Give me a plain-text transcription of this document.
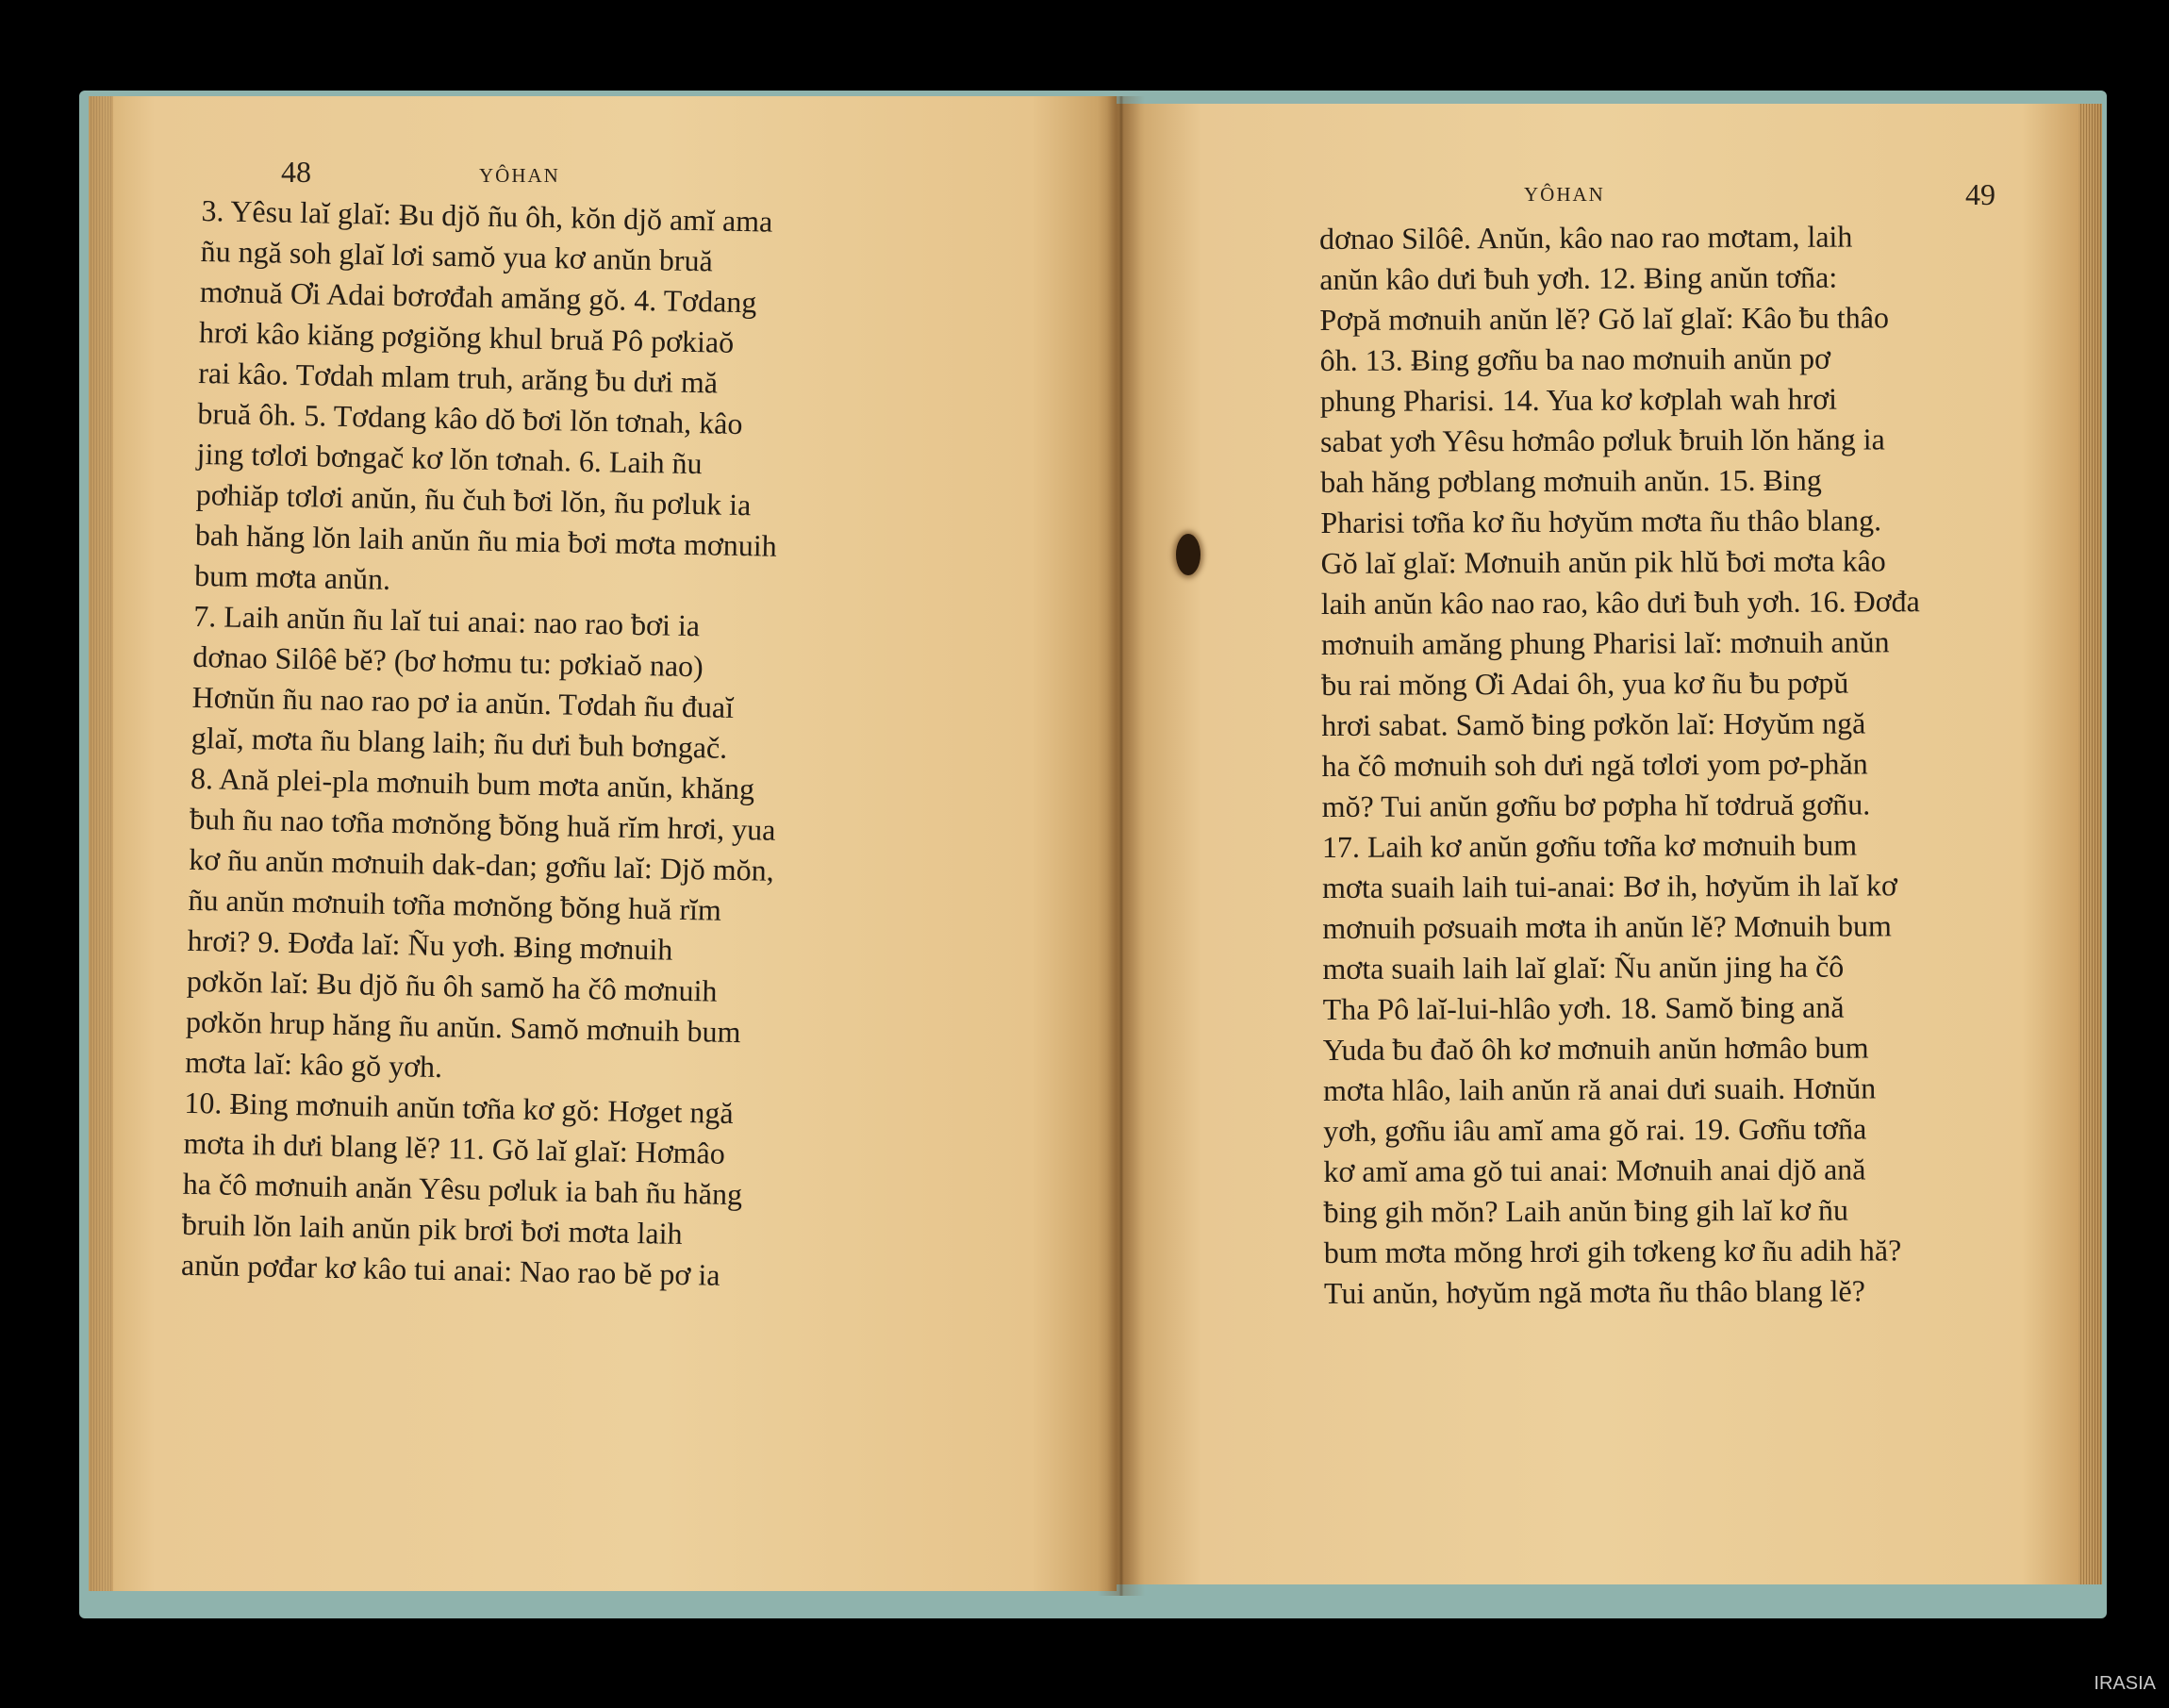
48	YÔHAN
3. Yêsu laĭ glaĭ: Ƀu djŏ ñu ôh, kŏn djŏ amĭ ama
ñu ngă soh glaĭ lơi samŏ yua kơ anŭn bruă
mơnuă Ơi Adai bơrơđah amăng gŏ. 4. Tơdang
hrơi kâo kiăng pơgiŏng khul bruă Pô pơkiaŏ
rai kâo. Tơdah mlam truh, arăng ƀu dưi mă
bruă ôh. 5. Tơdang kâo dŏ ƀơi lŏn tơnah, kâo
jing tơlơi bơngač kơ lŏn tơnah. 6. Laih ñu
pơhiăp tơlơi anŭn, ñu čuh ƀơi lŏn, ñu pơluk ia
bah hăng lŏn laih anŭn ñu mia ƀơi mơta mơnuih
bum mơta anŭn.
7. Laih anŭn ñu laĭ tui anai: nao rao ƀơi ia
dơnao Silôê bĕ? (bơ hơmu tu: pơkiaŏ nao)
Hơnŭn ñu nao rao pơ ia anŭn. Tơdah ñu đuaĭ
glaĭ, mơta ñu blang laih; ñu dưi ƀuh bơngač.
8. Ană plei-pla mơnuih bum mơta anŭn, khăng
ƀuh ñu nao tơña mơnŏng ƀŏng huă rĭm hrơi, yua
kơ ñu anŭn mơnuih dak-dan; gơñu laĭ: Djŏ mŏn,
ñu anŭn mơnuih tơña mơnŏng ƀŏng huă rĭm
hrơi? 9. Đơđa laĭ: Ñu yơh. Ƀing mơnuih
pơkŏn laĭ: Ƀu djŏ ñu ôh samŏ ha čô mơnuih
pơkŏn hrup hăng ñu anŭn. Samŏ mơnuih bum
mơta laĭ: kâo gŏ yơh.
10. Ƀing mơnuih anŭn tơña kơ gŏ: Hơget ngă
mơta ih dưi blang lĕ? 11. Gŏ laĭ glaĭ: Hơmâo
ha čô mơnuih anăn Yêsu pơluk ia bah ñu hăng
ƀruih lŏn laih anŭn pik brơi ƀơi mơta laih
anŭn pơđar kơ kâo tui anai: Nao rao bĕ pơ ia
YÔHAN	49
dơnao Silôê. Anŭn, kâo nao rao mơtam, laih
anŭn kâo dưi ƀuh yơh. 12. Ƀing anŭn tơña:
Pơpă mơnuih anŭn lĕ? Gŏ laĭ glaĭ: Kâo ƀu thâo
ôh. 13. Ƀing gơñu ba nao mơnuih anŭn pơ
phung Pharisi. 14. Yua kơ kơplah wah hrơi
sabat yơh Yêsu hơmâo pơluk ƀruih lŏn hăng ia
bah hăng pơblang mơnuih anŭn. 15. Ƀing
Pharisi tơña kơ ñu hơyŭm mơta ñu thâo blang.
Gŏ laĭ glaĭ: Mơnuih anŭn pik hlŭ ƀơi mơta kâo
laih anŭn kâo nao rao, kâo dưi ƀuh yơh. 16. Đơđa
mơnuih amăng phung Pharisi laĭ: mơnuih anŭn
ƀu rai mŏng Ơi Adai ôh, yua kơ ñu ƀu pơpŭ
hrơi sabat. Samŏ ƀing pơkŏn laĭ: Hơyŭm ngă
ha čô mơnuih soh dưi ngă tơlơi yom pơ-phăn
mŏ? Tui anŭn gơñu bơ pơpha hĭ tơdruă gơñu.
17. Laih kơ anŭn gơñu tơña kơ mơnuih bum
mơta suaih laih tui-anai: Bơ ih, hơyŭm ih laĭ kơ
mơnuih pơsuaih mơta ih anŭn lĕ? Mơnuih bum
mơta suaih laih laĭ glaĭ: Ñu anŭn jing ha čô
Tha Pô laĭ-lui-hlâo yơh. 18. Samŏ ƀing ană
Yuda ƀu đaŏ ôh kơ mơnuih anŭn hơmâo bum
mơta hlâo, laih anŭn ră anai dưi suaih. Hơnŭn
yơh, gơñu iâu amĭ ama gŏ rai. 19. Gơñu tơña
kơ amĭ ama gŏ tui anai: Mơnuih anai djŏ ană
ƀing gih mŏn? Laih anŭn ƀing gih laĭ kơ ñu
bum mơta mŏng hrơi gih tơkeng kơ ñu adih hă?
Tui anŭn, hơyŭm ngă mơta ñu thâo blang lĕ?
IRASIA
